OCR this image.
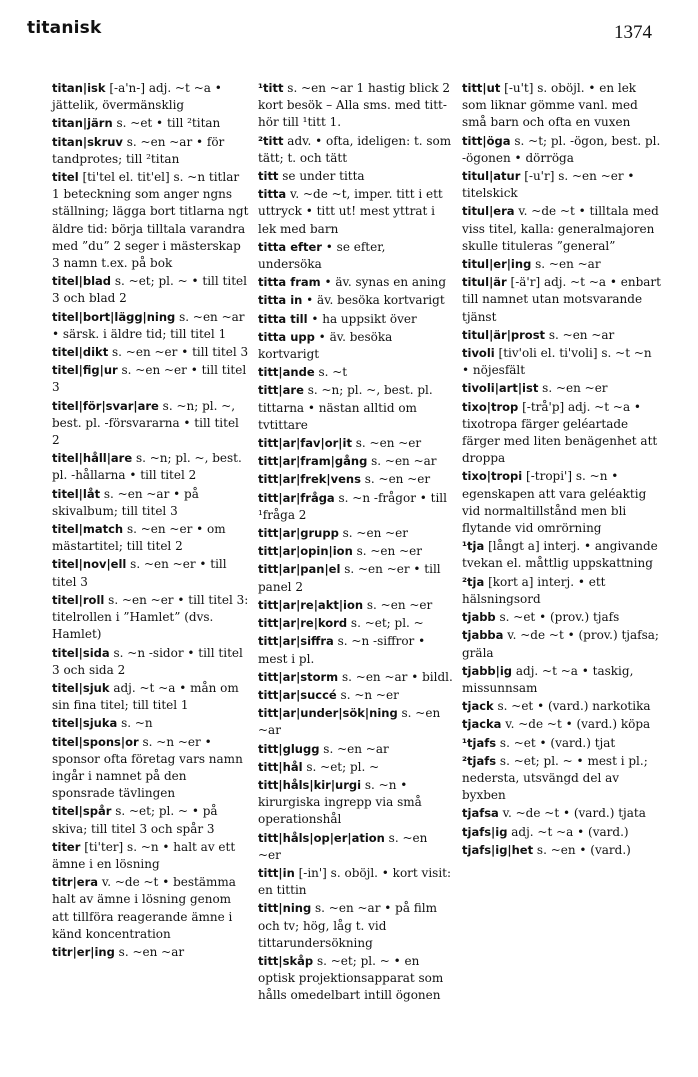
titanisk	1374
titan|isk [-a'n-] adj. ~t ~a • jättelik, övermänsklig
titan|järn s. ~et • till ²titan
titan|skruv s. ~en ~ar • för tandprotes; till ²titan
titel [ti'tel el. tit'el] s. ~n titlar 1 beteckning som anger ngns ställning; lägga bort titlarna ngt äldre tid: börja tilltala varandra med ”du” 2 seger i mästerskap 3 namn t.ex. på bok
titel|blad s. ~et; pl. ~ • till titel 3 och blad 2
titel|bort|lägg|ning s. ~en ~ar • särsk. i äldre tid; till titel 1
titel|dikt s. ~en ~er • till titel 3
titel|fig|ur s. ~en ~er • till titel 3
titel|för|svar|are s. ~n; pl. ~, best. pl. -försvararna • till titel 2
titel|håll|are s. ~n; pl. ~, best. pl. -hållarna • till titel 2
titel|låt s. ~en ~ar • på skivalbum; till titel 3
titel|match s. ~en ~er • om mästartitel; till titel 2
titel|nov|ell s. ~en ~er • till titel 3
titel|roll s. ~en ~er • till titel 3: titelrollen i ”Hamlet” (dvs. Hamlet)
titel|sida s. ~n -sidor • till titel 3 och sida 2
titel|sjuk adj. ~t ~a • mån om sin fina titel; till titel 1
titel|sjuka s. ~n
titel|spons|or s. ~n ~er • sponsor ofta företag vars namn ingår i namnet på den sponsrade tävlingen
titel|spår s. ~et; pl. ~ • på skiva; till titel 3 och spår 3
titer [ti'ter] s. ~n • halt av ett ämne i en lösning
titr|era v. ~de ~t • bestämma halt av ämne i lösning genom att tillföra reagerande ämne i känd koncentration
titr|er|ing s. ~en ~ar
¹titt s. ~en ~ar 1 hastig blick 2 kort besök – Alla sms. med titt- hör till ¹titt 1.
²titt adv. • ofta, ideligen: t. som tätt; t. och tätt
titt se under titta
titta v. ~de ~t, imper. titt i ett uttryck • titt ut! mest yttrat i lek med barn
titta efter • se efter, undersöka
titta fram • äv. synas en aning
titta in • äv. besöka kortvarigt
titta till • ha uppsikt över
titta upp • äv. besöka kortvarigt
titt|ande s. ~t
titt|are s. ~n; pl. ~, best. pl. tittarna • nästan alltid om tvtittare
titt|ar|fav|or|it s. ~en ~er
titt|ar|fram|gång s. ~en ~ar
titt|ar|frek|vens s. ~en ~er
titt|ar|fråga s. ~n -frågor • till ¹fråga 2
titt|ar|grupp s. ~en ~er
titt|ar|opin|ion s. ~en ~er
titt|ar|pan|el s. ~en ~er • till panel 2
titt|ar|re|akt|ion s. ~en ~er
titt|ar|re|kord s. ~et; pl. ~
titt|ar|siffra s. ~n -siffror • mest i pl.
titt|ar|storm s. ~en ~ar • bildl.
titt|ar|succé s. ~n ~er
titt|ar|under|sök|ning s. ~en ~ar
titt|glugg s. ~en ~ar
titt|hål s. ~et; pl. ~
titt|håls|kir|urgi s. ~n • kirurgiska ingrepp via små operationshål
titt|håls|op|er|ation s. ~en ~er
titt|in [-in'] s. oböjl. • kort visit: en tittin
titt|ning s. ~en ~ar • på film och tv; hög, låg t. vid tittarundersökning
titt|skåp s. ~et; pl. ~ • en optisk projektionsapparat som hålls omedelbart intill ögonen
titt|ut [-u't] s. oböjl. • en lek som liknar gömme vanl. med små barn och ofta en vuxen
titt|öga s. ~t; pl. -ögon, best. pl. -ögonen • dörröga
titul|atur [-u'r] s. ~en ~er • titelskick
titul|era v. ~de ~t • tilltala med viss titel, kalla: generalmajoren skulle tituleras ”general”
titul|er|ing s. ~en ~ar
titul|är [-ä'r] adj. ~t ~a • enbart till namnet utan motsvarande tjänst
titul|är|prost s. ~en ~ar
tivoli [tiv'oli el. ti'voli] s. ~t ~n • nöjesfält
tivoli|art|ist s. ~en ~er
tixo|trop [-trå'p] adj. ~t ~a • tixotropa färger geléartade färger med liten benägenhet att droppa
tixo|tropi [-tropi'] s. ~n • egenskapen att vara geléaktig vid normaltillstånd men bli flytande vid omrörning
¹tja [långt a] interj. • angivande tvekan el. måttlig uppskattning
²tja [kort a] interj. • ett hälsningsord
tjabb s. ~et • (prov.) tjafs
tjabba v. ~de ~t • (prov.) tjafsa; gräla
tjabb|ig adj. ~t ~a • taskig, missunnsam
tjack s. ~et • (vard.) narkotika
tjacka v. ~de ~t • (vard.) köpa
¹tjafs s. ~et • (vard.) tjat
²tjafs s. ~et; pl. ~ • mest i pl.; nedersta, utsvängd del av byxben
tjafsa v. ~de ~t • (vard.) tjata
tjafs|ig adj. ~t ~a • (vard.)
tjafs|ig|het s. ~en • (vard.)
